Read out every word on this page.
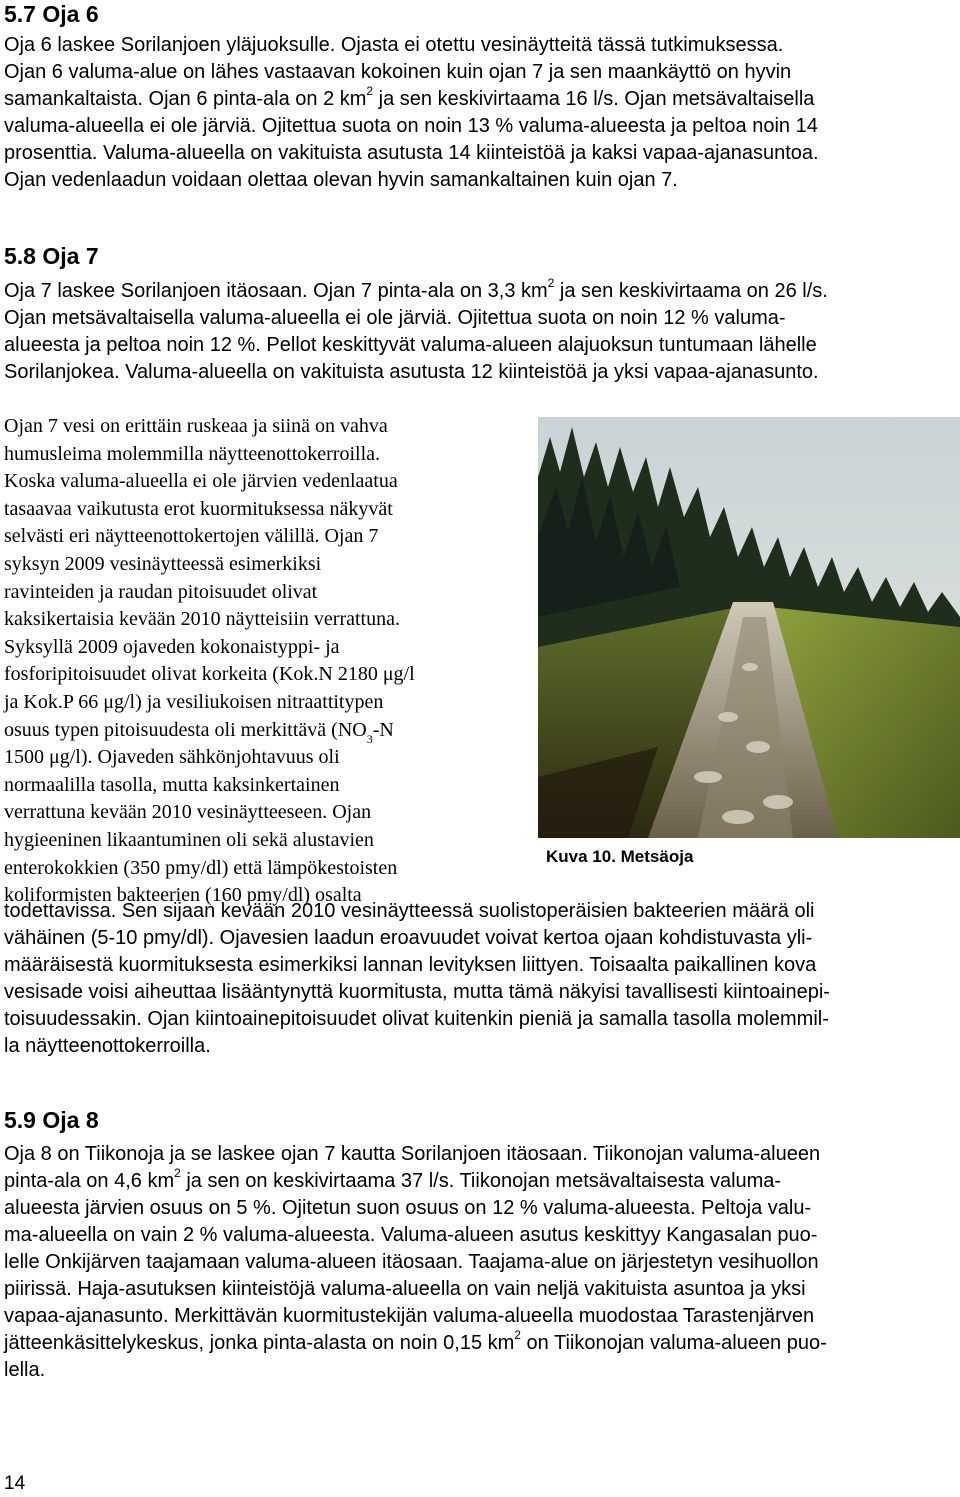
5.7 Oja 6

Oja 6 laskee Sorilanjoen yläjuoksulle. Ojasta ei otettu vesinäytteitä tässä tutkimuksessa.
Ojan 6 valuma-alue on lähes vastaavan kokoinen kuin ojan 7 ja sen maankäyttö on hyvin
samankaltaista. Ojan 6 pinta-ala on 2 $km^2$ ja sen keskivirtaama 16 l/s. Ojan metsävaltaisella
valuma-alueella ei ole järviä. Ojitettua suota on noin 13 % valuma-alueesta ja peltoa noin 14
prosenttia. Valuma-alueella on vakituista asutusta 14 kiinteistöä ja kaksi vapaa-ajanasuntoa.
Ojan vedenlaadun voidaan olettaa olevan hyvin samankaltainen kuin ojan 7.

5.8 Oja 7

Oja 7 laskee Sorilanjoen itäosaan. Ojan 7 pinta-ala on 3,3 $km^2$ ja sen keskivirtaama on 26 l/s.
Ojan metsävaltaisella valuma-alueella ei ole järviä. Ojitettua suota on noin 12 % valuma-
alueesta ja peltoa noin 12 %. Pellot keskittyvät valuma-alueen alajuoksun tuntumaan lähelle
Sorilanjokea. Valuma-alueella on vakituista asutusta 12 kiinteistöä ja yksi vapaa-ajanasunto.

Ojan 7 vesi on erittäin ruskeaa ja siinä on vahva
humusleima molemmilla näytteenottokerroilla.
Koska valuma-alueella ei ole järvien vedenlaatua
tasaavaa vaikutusta erot kuormituksessa näkyvät
selvästi eri näytteenottokertojen välillä. Ojan 7
syksyn 2009 vesinäytteessä esimerkiksi
ravinteiden ja raudan pitoisuudet olivat
kaksikertaisia kevään 2010 näytteisiin verrattuna.
Syksyllä 2009 ojaveden kokonaistyppi- ja
fosforipitoisuudet olivat korkeita (Kok.N 2180 μg/l
ja Kok.P 66 μg/l) ja vesiliukoisen nitraattitypen
osuus typen pitoisuudesta oli merkittävä ($NO_3-N$
1500 μg/l). Ojaveden sähkönjohtavuus oli
normaalilla tasolla, mutta kaksinkertainen
verrattuna kevään 2010 vesinäytteeseen. Ojan
hygieeninen likaantuminen oli sekä alustavien
enterokokkien (350 pmy/dl) että lämpökestoisten
koliformisten bakteerien (160 pmy/dl) osalta

todettavissa. Sen sijaan kevään 2010 vesinäytteessä suolistoperäisien bakteerien määrä oli
vähäinen (5-10 pmy/dl). Ojavesien laadun eroavuudet voivat kertoa ojaan kohdistuvasta yli-
määräisestä kuormituksesta esimerkiksi lannan levityksen liittyen. Toisaalta paikallinen kova
vesisade voisi aiheuttaa lisääntynyttä kuormitusta, mutta tämä näkyisi tavallisesti kiintoainepi-
toisuudessakin. Ojan kiintoainepitoisuudet olivat kuitenkin pieniä ja samalla tasolla molemmil-
la näytteenottokerroilla.

Kuva 10. Metsäoja
5.9 Oja 8

Oja 8 on Tiikonoja ja se laskee ojan 7 kautta Sorilanjoen itäosaan. Tiikonojan valuma-alueen
pinta-ala on 4,6 $km^2$ ja sen on keskivirtaama 37 l/s. Tiikonojan metsävaltaisesta valuma-
alueesta järvien osuus on 5 %. Ojitetun suon osuus on 12 % valuma-alueesta. Peltoja valu-
ma-alueella on vain 2 % valuma-alueesta. Valuma-alueen asutus keskittyy Kangasalan puo-
lelle Onkijärven taajamaan valuma-alueen itäosaan. Taajama-alue on järjestetyn vesihuollon
piirissä. Haja-asutuksen kiinteistöjä valuma-alueella on vain neljä vakituista asuntoa ja yksi
vapaa-ajanasunto. Merkittävän kuormitustekijän valuma-alueella muodostaa Tarastenjärven
jätteenkäsittelykeskus, jonka pinta-alasta on noin 0,15 $km^2$ on Tiikonojan valuma-alueen puo-
lella.

14
